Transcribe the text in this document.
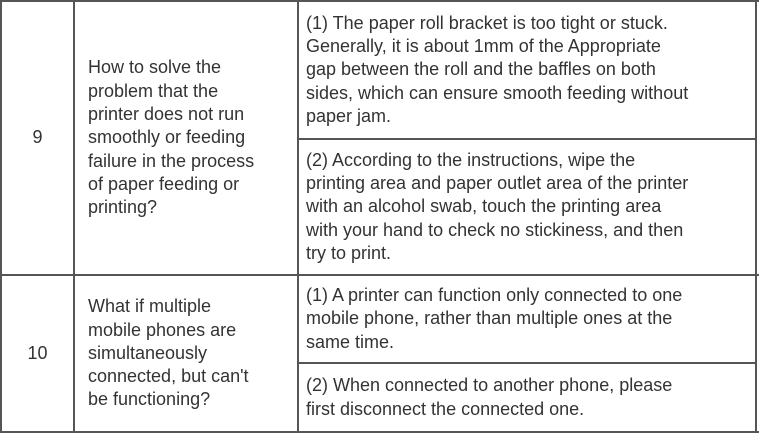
9
How to solve the
problem that the
printer does not run
smoothly or feeding
failure in the process
of paper feeding or
printing?
(1) The paper roll bracket is too tight or stuck.
Generally, it is about 1mm of the Appropriate
gap between the roll and the baffles on both
sides, which can ensure smooth feeding without
paper jam.
(2) According to the instructions, wipe the
printing area and paper outlet area of the printer
with an alcohol swab, touch the printing area
with your hand to check no stickiness, and then
try to print.
10
What if multiple
mobile phones are
simultaneously
connected, but can't
be functioning?
(1) A printer can function only connected to one
mobile phone, rather than multiple ones at the
same time.
(2) When connected to another phone, please
first disconnect the connected one.
